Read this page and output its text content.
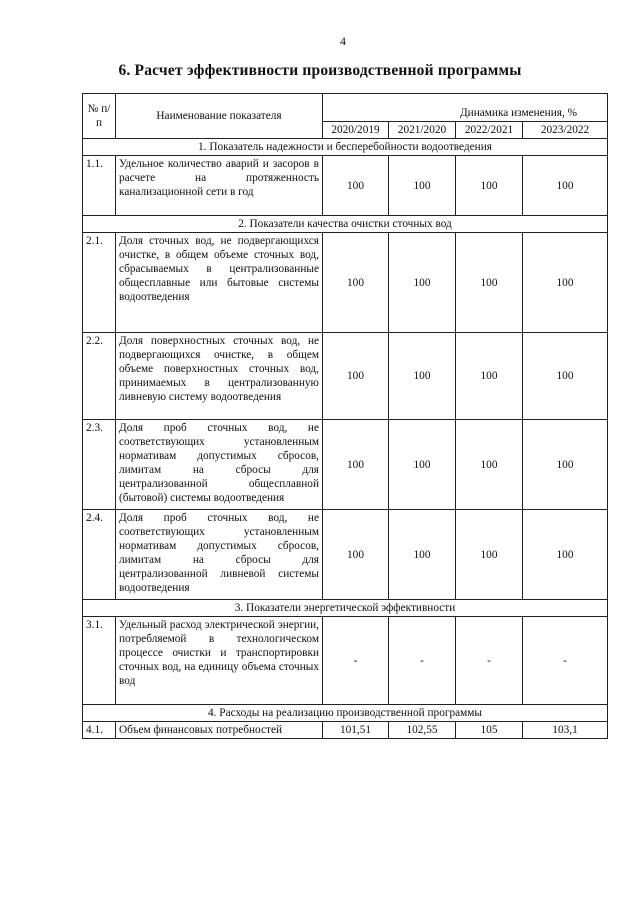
4
6. Расчет эффективности производственной программы
№ п/п	Наименование показателя	Динамика изменения, %			
		2020/2019	2021/2020	2022/2021	2023/2022
1. Показатель надежности и бесперебойности водоотведения					
1.1.	Удельное количество аварий и засоров в расчете на протяженность канализационной сети в год	100	100	100	100
2. Показатели качества очистки сточных вод					
2.1.	Доля сточных вод, не подвергающихся очистке, в общем объеме сточных вод, сбрасываемых в централизованные общесплавные или бытовые системы водоотведения	100	100	100	100
2.2.	Доля поверхностных сточных вод, не подвергающихся очистке, в общем объеме поверхностных сточных вод, принимаемых в централизованную ливневую систему водоотведения	100	100	100	100
2.3.	Доля проб сточных вод, не соответствующих установленным нормативам допустимых сбросов, лимитам на сбросы для централизованной общесплавной (бытовой) системы водоотведения	100	100	100	100
2.4.	Доля проб сточных вод, не соответствующих установленным нормативам допустимых сбросов, лимитам на сбросы для централизованной ливневой системы водоотведения	100	100	100	100
3. Показатели энергетической эффективности					
3.1.	Удельный расход электрической энергии, потребляемой в технологическом процессе очистки и транспортировки сточных вод, на единицу объема сточных вод	-	-	-	-
4. Расходы на реализацию производственной программы					
4.1.	Объем финансовых потребностей	101,51	102,55	105	103,1
